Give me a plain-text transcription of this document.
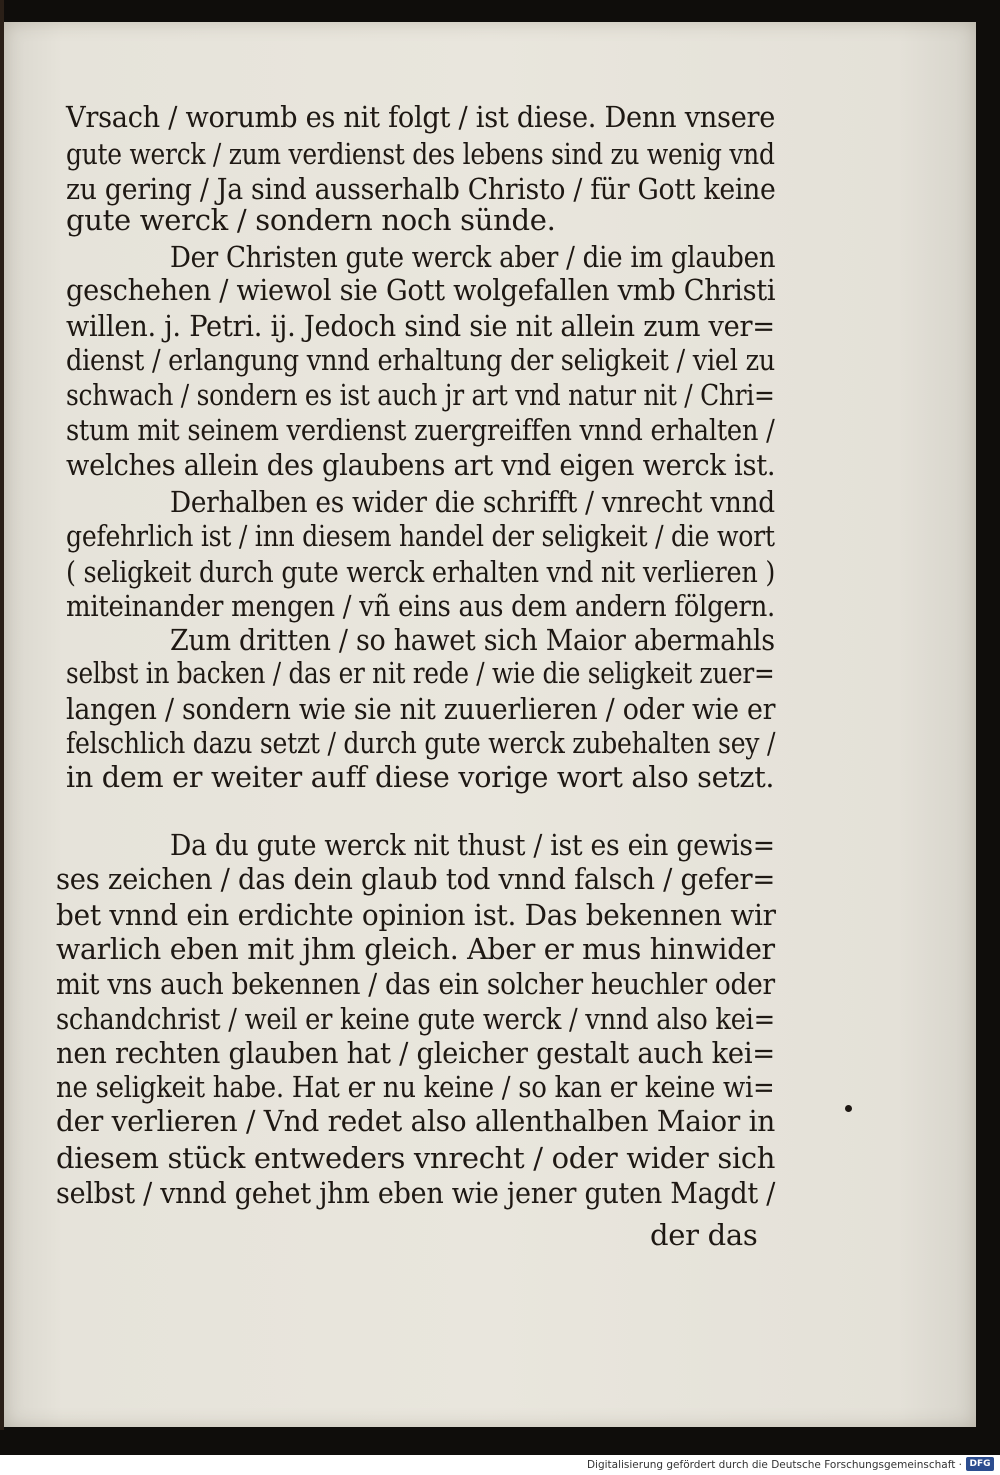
Vrsach / worumb es nit folgt / ist diese. Denn vnsere
gute werck / zum verdienst des lebens sind zu wenig vnd
zu gering / Ja sind ausserhalb Christo / für Gott keine
gute werck / sondern noch sünde.
Der Christen gute werck aber / die im glauben
geschehen / wiewol sie Gott wolgefallen vmb Christi
willen. j. Petri. ij. Jedoch sind sie nit allein zum ver=
dienst / erlangung vnnd erhaltung der seligkeit / viel zu
schwach / sondern es ist auch jr art vnd natur nit / Chri=
stum mit seinem verdienst zuergreiffen vnnd erhalten /
welches allein des glaubens art vnd eigen werck ist.
Derhalben es wider die schrifft / vnrecht vnnd
gefehrlich ist / inn diesem handel der seligkeit / die wort
( seligkeit durch gute werck erhalten vnd nit verlieren )
miteinander mengen / vñ eins aus dem andern fölgern.
Zum dritten / so hawet sich Maior abermahls
selbst in backen / das er nit rede / wie die seligkeit zuer=
langen / sondern wie sie nit zuuerlieren / oder wie er
felschlich dazu setzt / durch gute werck zubehalten sey /
in dem er weiter auff diese vorige wort also setzt.
Da du gute werck nit thust / ist es ein gewis=
ses zeichen / das dein glaub tod vnnd falsch / gefer=
bet vnnd ein erdichte opinion ist. Das bekennen wir
warlich eben mit jhm gleich. Aber er mus hinwider
mit vns auch bekennen / das ein solcher heuchler oder
schandchrist / weil er keine gute werck / vnnd also kei=
nen rechten glauben hat / gleicher gestalt auch kei=
ne seligkeit habe. Hat er nu keine / so kan er keine wi=
der verlieren / Vnd redet also allenthalben Maior in
diesem stück entweders vnrecht / oder wider sich
selbst / vnnd gehet jhm eben wie jener guten Magdt /
der das
Digitalisierung gefördert durch die Deutsche Forschungsgemeinschaft · DFG
